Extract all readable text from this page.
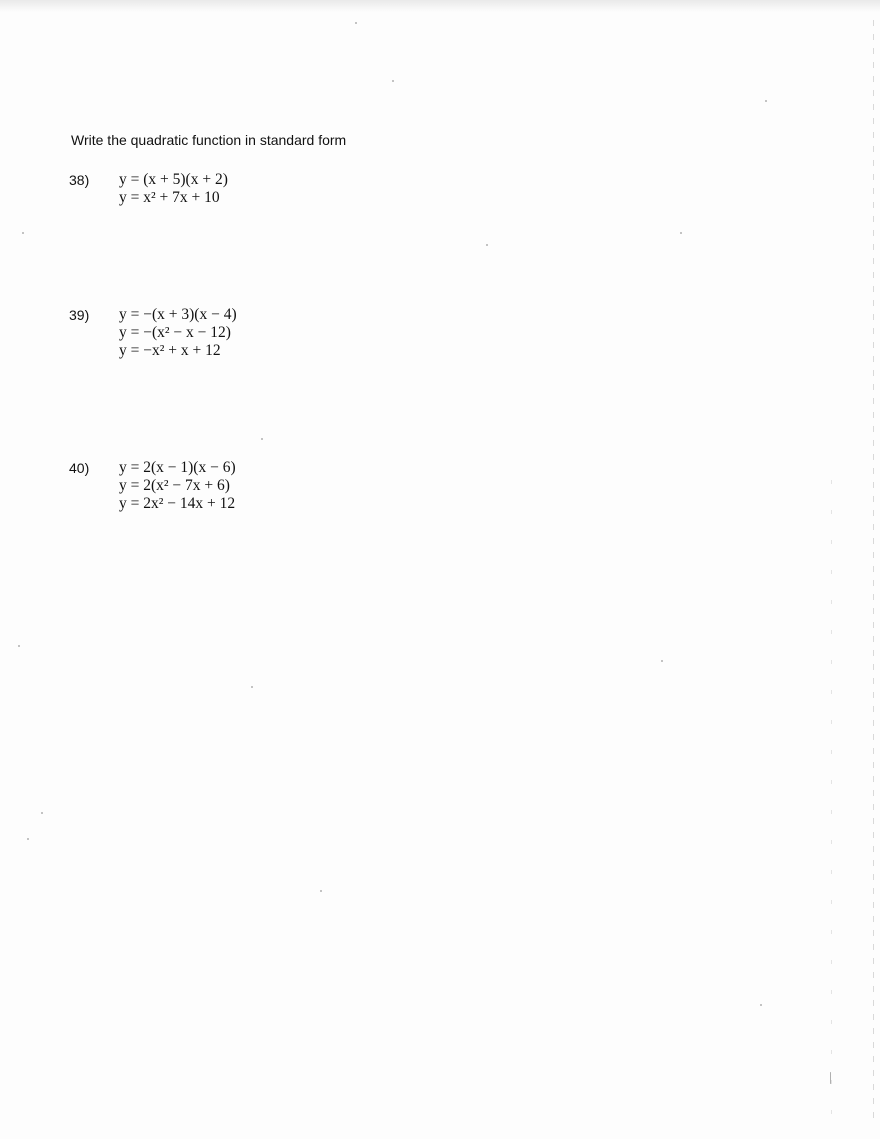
Write the quadratic function in standard form
38) y = (x + 5)(x + 2)
y = x² + 7x + 10
39) y = −(x + 3)(x − 4)
y = −(x² − x − 12)
y = −x² + x + 12
40) y = 2(x − 1)(x − 6)
y = 2(x² − 7x + 6)
y = 2x² − 14x + 12
